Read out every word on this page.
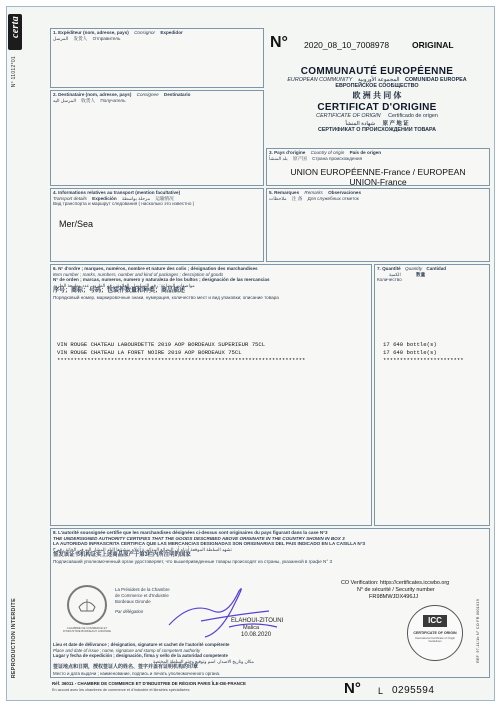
certa
N° 11012*01
REPRODUCTION INTERDITE
1. Expéditeur (nom, adresse, pays) Consignor Expedidor
المرسل 发货人 Отправитель	N° 2020_08_10_7008978	ORIGINAL
COMMUNAUTÉ EUROPÉENNE
EUROPEAN COMMUNITY المجموعة الأوروبية COMUNIDAD EUROPEA
ЕВРОПЕЙСКОЕ СООБЩЕСТВО
欧 洲 共 同 体
CERTIFICAT D'ORIGINE
CERTIFICATE OF ORIGIN Certificado de origen
شهادة المنشأ 原 产 地 证
СЕРТИФИКАТ О ПРОИСХОЖДЕНИИ ТОВАРА
2. Destinataire (nom, adresse, pays) Consignee Destinatario
المرسل اليه 收货人 Получатель
3. Pays d'origine Country of origin País de origen
بلد المنشأ 原产国 Страна происхождения
UNION EUROPÉENNE-France / EUROPEAN UNION-France
4. Informations relatives au transport (mention facultative)
Transport details Expedición مرحلة بواسطة 运输情况
Вид транспорта и маршрут следования ( насколько это известно )
Mer/Sea
5. Remarques Remarks Observaciones
ملاحظات 注 备 Для служебных отметок
6. N° d'ordre ; marques, numéros, nombre et nature des colis ; désignation des marchandises
Item number ; marks, numbers, number and kind of packages ; description of goods
N° de orden ; marcas, numeros, numero y naturaleza de los bultos ; designación de las mercancias
مواصفات البضاعة: رقم التسلسل، العلامة، رقم الطرود، عدد وطبيعة الطرود
序号；商标；号码；包装件数量和种类；商品描述
Порядковый номер, маркировочные знаки, нумерация, количество мест и вид упаковки; описание товара
VIN ROUGE CHATEAU LABOURDETTE 2019 AOP BORDEAUX SUPERIEUR 75CL
VIN ROUGE CHATEAU LA FORET NOIRE 2019 AOP BORDEAUX 75CL
**************************************************************************
7. Quantité Quantity Cantidad
الكمية	数量
Количество
17 640 bottle(s)
17 640 bottle(s)
************************
8. L'autorité soussignée certifie que les marchandises désignées ci-dessus sont originaires du pays figurant dans la case N°3
THE UNDERSIGNED AUTHORITY CERTIFIES THAT THE GOODS DESCRIBED ABOVE ORIGINATE IN THE COUNTRY SHOWN IN BOX 3
LA AUTORIDAD INFRASCRITA CERTIFICA QUE LAS MERCANCIAS DESIGNADAS SON ORIGINARIAS DEL PAIS INDICADO EN LA CASILLA N°3
تشهد السلطة الموقعة أدناه أن البضائع المذكورة أعلاه منشؤها البلد المشار اليه في الخانة رقم ٣
签发该证书机构证实上述商品原产于第3栏内所注明的国家
Подписавший уполномоченный орган удостоверяет, что вышеприведенные товары происходят из страны, указанной в графе N° 3
CO Verification: https://certificates.iccwbo.org
N° de sécurité / Security number
FR98MWJDX496JJ
CHAMBRE DE COMMERCE ET D'INDUSTRIE BORDEAUX GIRONDE
La Président de la Chambre
de Commerce et d'Industrie
Bordeaux Gironde
Par délégation
ELAHOUI-ZITOUNI
Malica
10.08.2020
Lieu et date de délivrance ; désignation, signature et cachet de l'autorité compétente
Place and date of issue ; name, signature and stamp of competent authority
Lugar y fecha de expedición ; designación, firma y sello de la autoridad competente
مكان وتاريخ الاصدار، اسم وتوقيع وختم السلطة المختصة
签证地点和日期，授权签证人的姓名、签字并盖有证明机构的印章
Место и дата выдачи ; наименование, подпись и печать уполномоченного органа.
ICC
CERTIFICATE OF ORIGIN
International Certificate of Origin Guidelines	REF. 97-11/1b N° CO FR 0001019
Réf. 36011 - CHAMBRE DE COMMERCE ET D'INDUSTRIE DE RÉGION PARIS ÎLE-DE-FRANCE
En accord avec les chambres de commerce et d'industrie et librairies spécialisées	N° L 0295594
